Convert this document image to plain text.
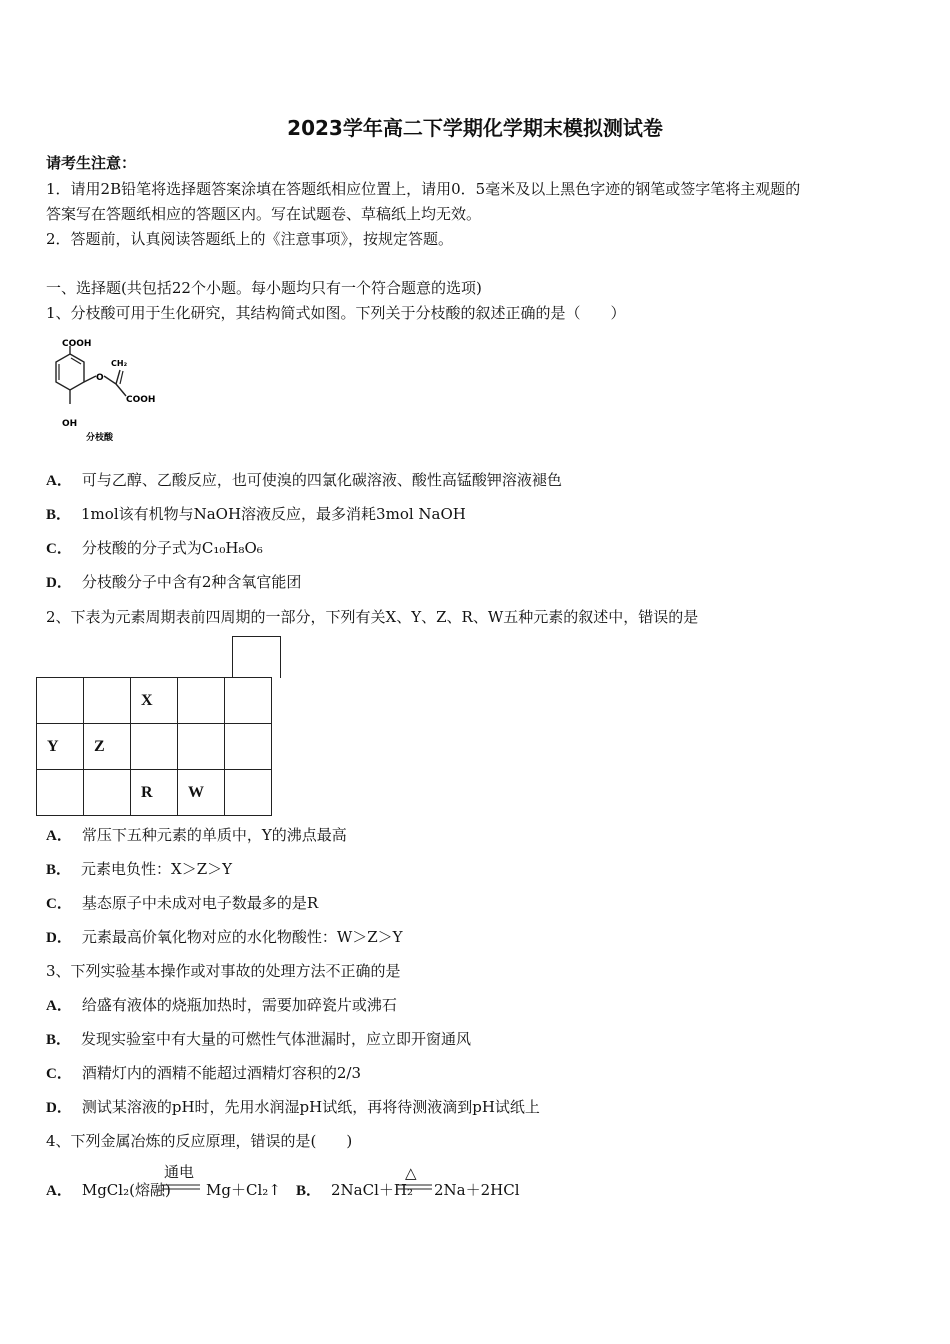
2023学年高二下学期化学期末模拟测试卷
请考生注意：
1．请用2B铅笔将选择题答案涂填在答题纸相应位置上，请用0．5毫米及以上黑色字迹的钢笔或签字笔将主观题的
答案写在答题纸相应的答题区内。写在试题卷、草稿纸上均无效。
2．答题前，认真阅读答题纸上的《注意事项》，按规定答题。
一、选择题(共包括22个小题。每小题均只有一个符合题意的选项)
1、分枝酸可用于生化研究，其结构简式如图。下列关于分枝酸的叙述正确的是（　　）
COOH
CH₂
O
COOH
OH
分枝酸
A． 可与乙醇、乙酸反应，也可使溴的四氯化碳溶液、酸性高锰酸钾溶液褪色
B． 1mol该有机物与NaOH溶液反应，最多消耗3mol NaOH
C． 分枝酸的分子式为C₁₀H₈O₆
D． 分枝酸分子中含有2种含氧官能团
2、下表为元素周期表前四周期的一部分，下列有关X、Y、Z、R、W五种元素的叙述中，错误的是
		X		
Y	Z			
		R	W	
A． 常压下五种元素的单质中，Y的沸点最高
B． 元素电负性：X＞Z＞Y
C． 基态原子中未成对电子数最多的是R
D． 元素最高价氧化物对应的水化物酸性：W＞Z＞Y
3、下列实验基本操作或对事故的处理方法不正确的是
A． 给盛有液体的烧瓶加热时，需要加碎瓷片或沸石
B． 发现实验室中有大量的可燃性气体泄漏时，应立即开窗通风
C． 酒精灯内的酒精不能超过酒精灯容积的2/3
D． 测试某溶液的pH时，先用水润湿pH试纸，再将待测液滴到pH试纸上
4、下列金属冶炼的反应原理，错误的是(　　)
A． MgCl₂(熔融)
通电
Mg＋Cl₂↑ B． 2NaCl＋H₂
△
2Na＋2HCl
